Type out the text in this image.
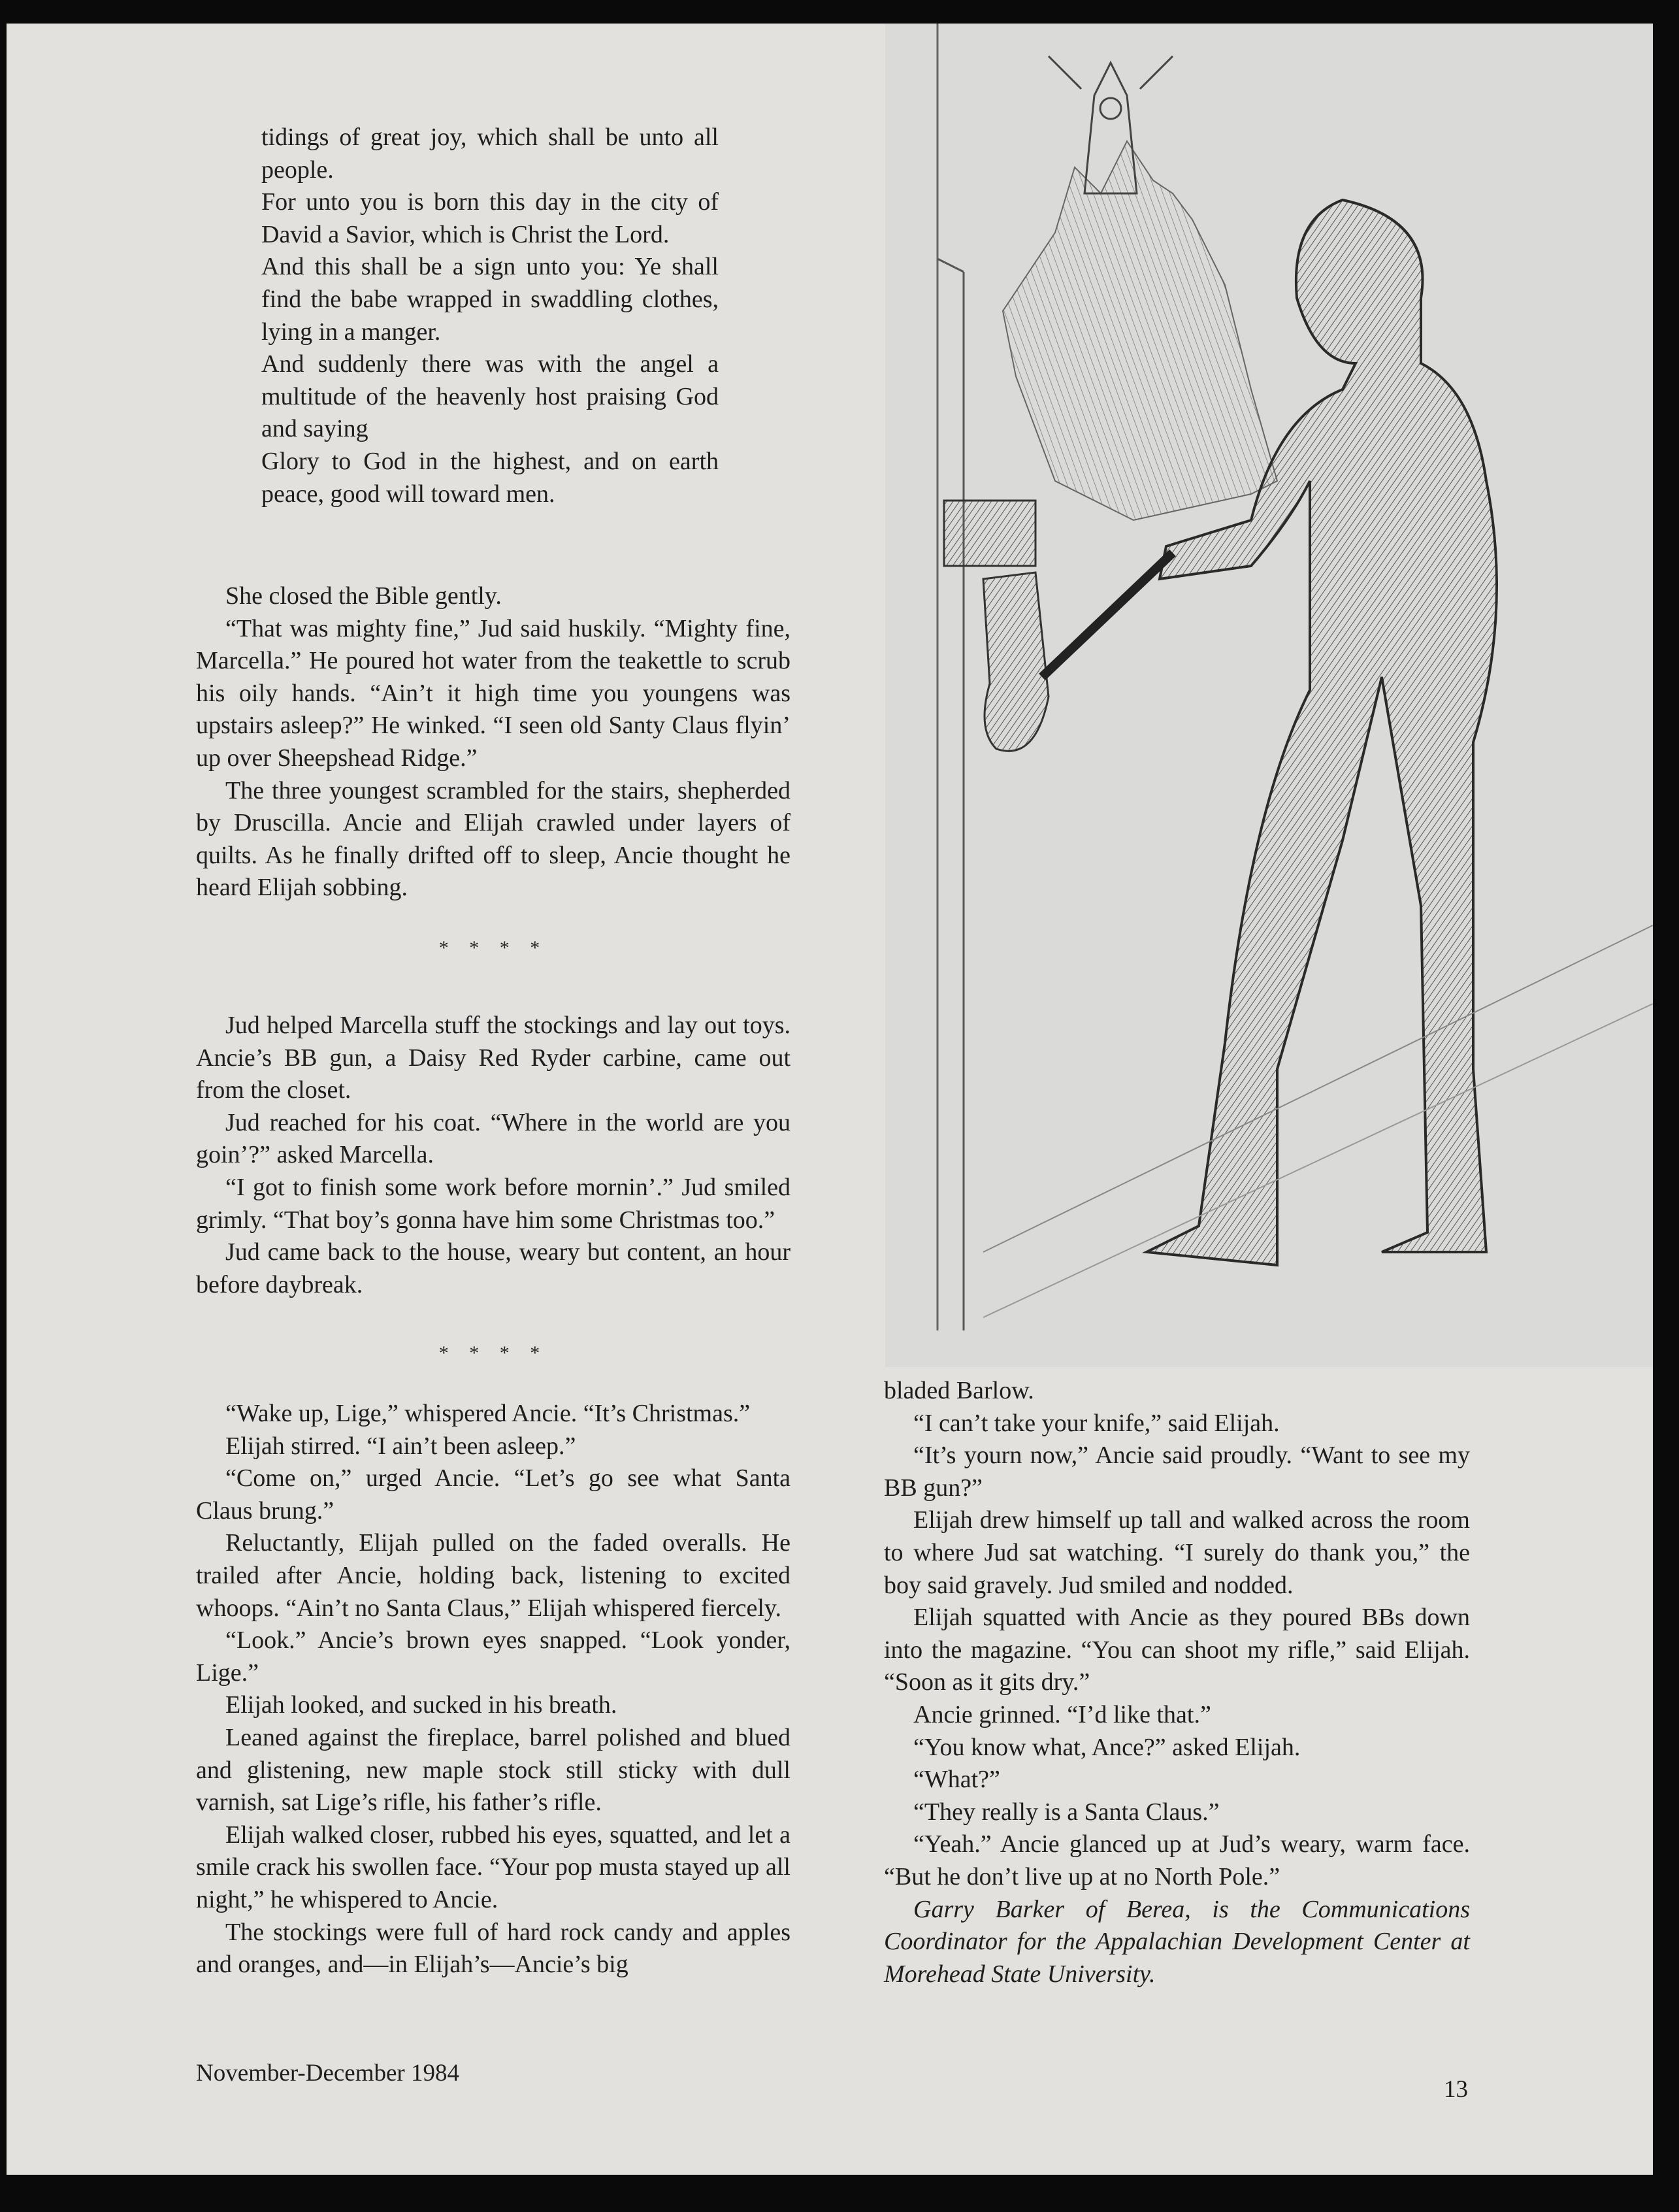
tidings of great joy, which shall be unto all people.

For unto you is born this day in the city of David a Savior, which is Christ the Lord.

And this shall be a sign unto you: Ye shall find the babe wrapped in swaddling clothes, lying in a manger.

And suddenly there was with the angel a multitude of the heavenly host praising God and saying

Glory to God in the highest, and on earth peace, good will toward men.

She closed the Bible gently.

“That was mighty fine,” Jud said huskily. “Mighty fine, Marcella.” He poured hot water from the teakettle to scrub his oily hands. “Ain’t it high time you youngens was upstairs asleep?” He winked. “I seen old Santy Claus flyin’ up over Sheepshead Ridge.”

The three youngest scrambled for the stairs, shepherded by Druscilla. Ancie and Elijah crawled under layers of quilts. As he finally drifted off to sleep, Ancie thought he heard Elijah sobbing.

* * * *

Jud helped Marcella stuff the stockings and lay out toys. Ancie’s BB gun, a Daisy Red Ryder carbine, came out from the closet.

Jud reached for his coat. “Where in the world are you goin’?” asked Marcella.

“I got to finish some work before mornin’.” Jud smiled grimly. “That boy’s gonna have him some Christmas too.”

Jud came back to the house, weary but content, an hour before daybreak.

* * * *

“Wake up, Lige,” whispered Ancie. “It’s Christmas.”

Elijah stirred. “I ain’t been asleep.”

“Come on,” urged Ancie. “Let’s go see what Santa Claus brung.”

Reluctantly, Elijah pulled on the faded overalls. He trailed after Ancie, holding back, listening to excited whoops. “Ain’t no Santa Claus,” Elijah whispered fiercely.

“Look.” Ancie’s brown eyes snapped. “Look yonder, Lige.”

Elijah looked, and sucked in his breath.

Leaned against the fireplace, barrel polished and blued and glistening, new maple stock still sticky with dull varnish, sat Lige’s rifle, his father’s rifle.

Elijah walked closer, rubbed his eyes, squatted, and let a smile crack his swollen face. “Your pop musta stayed up all night,” he whispered to Ancie.

The stockings were full of hard rock candy and apples and oranges, and—in Elijah’s—Ancie’s big

bladed Barlow.

“I can’t take your knife,” said Elijah.

“It’s yourn now,” Ancie said proudly. “Want to see my BB gun?”

Elijah drew himself up tall and walked across the room to where Jud sat watching. “I surely do thank you,” the boy said gravely. Jud smiled and nodded.

Elijah squatted with Ancie as they poured BBs down into the magazine. “You can shoot my rifle,” said Elijah. “Soon as it gits dry.”

Ancie grinned. “I’d like that.”

“You know what, Ance?” asked Elijah.

“What?”

“They really is a Santa Claus.”

“Yeah.” Ancie glanced up at Jud’s weary, warm face. “But he don’t live up at no North Pole.”

Garry Barker of Berea, is the Communications Coordinator for the Appalachian Development Center at Morehead State University.

November-December 1984
13
